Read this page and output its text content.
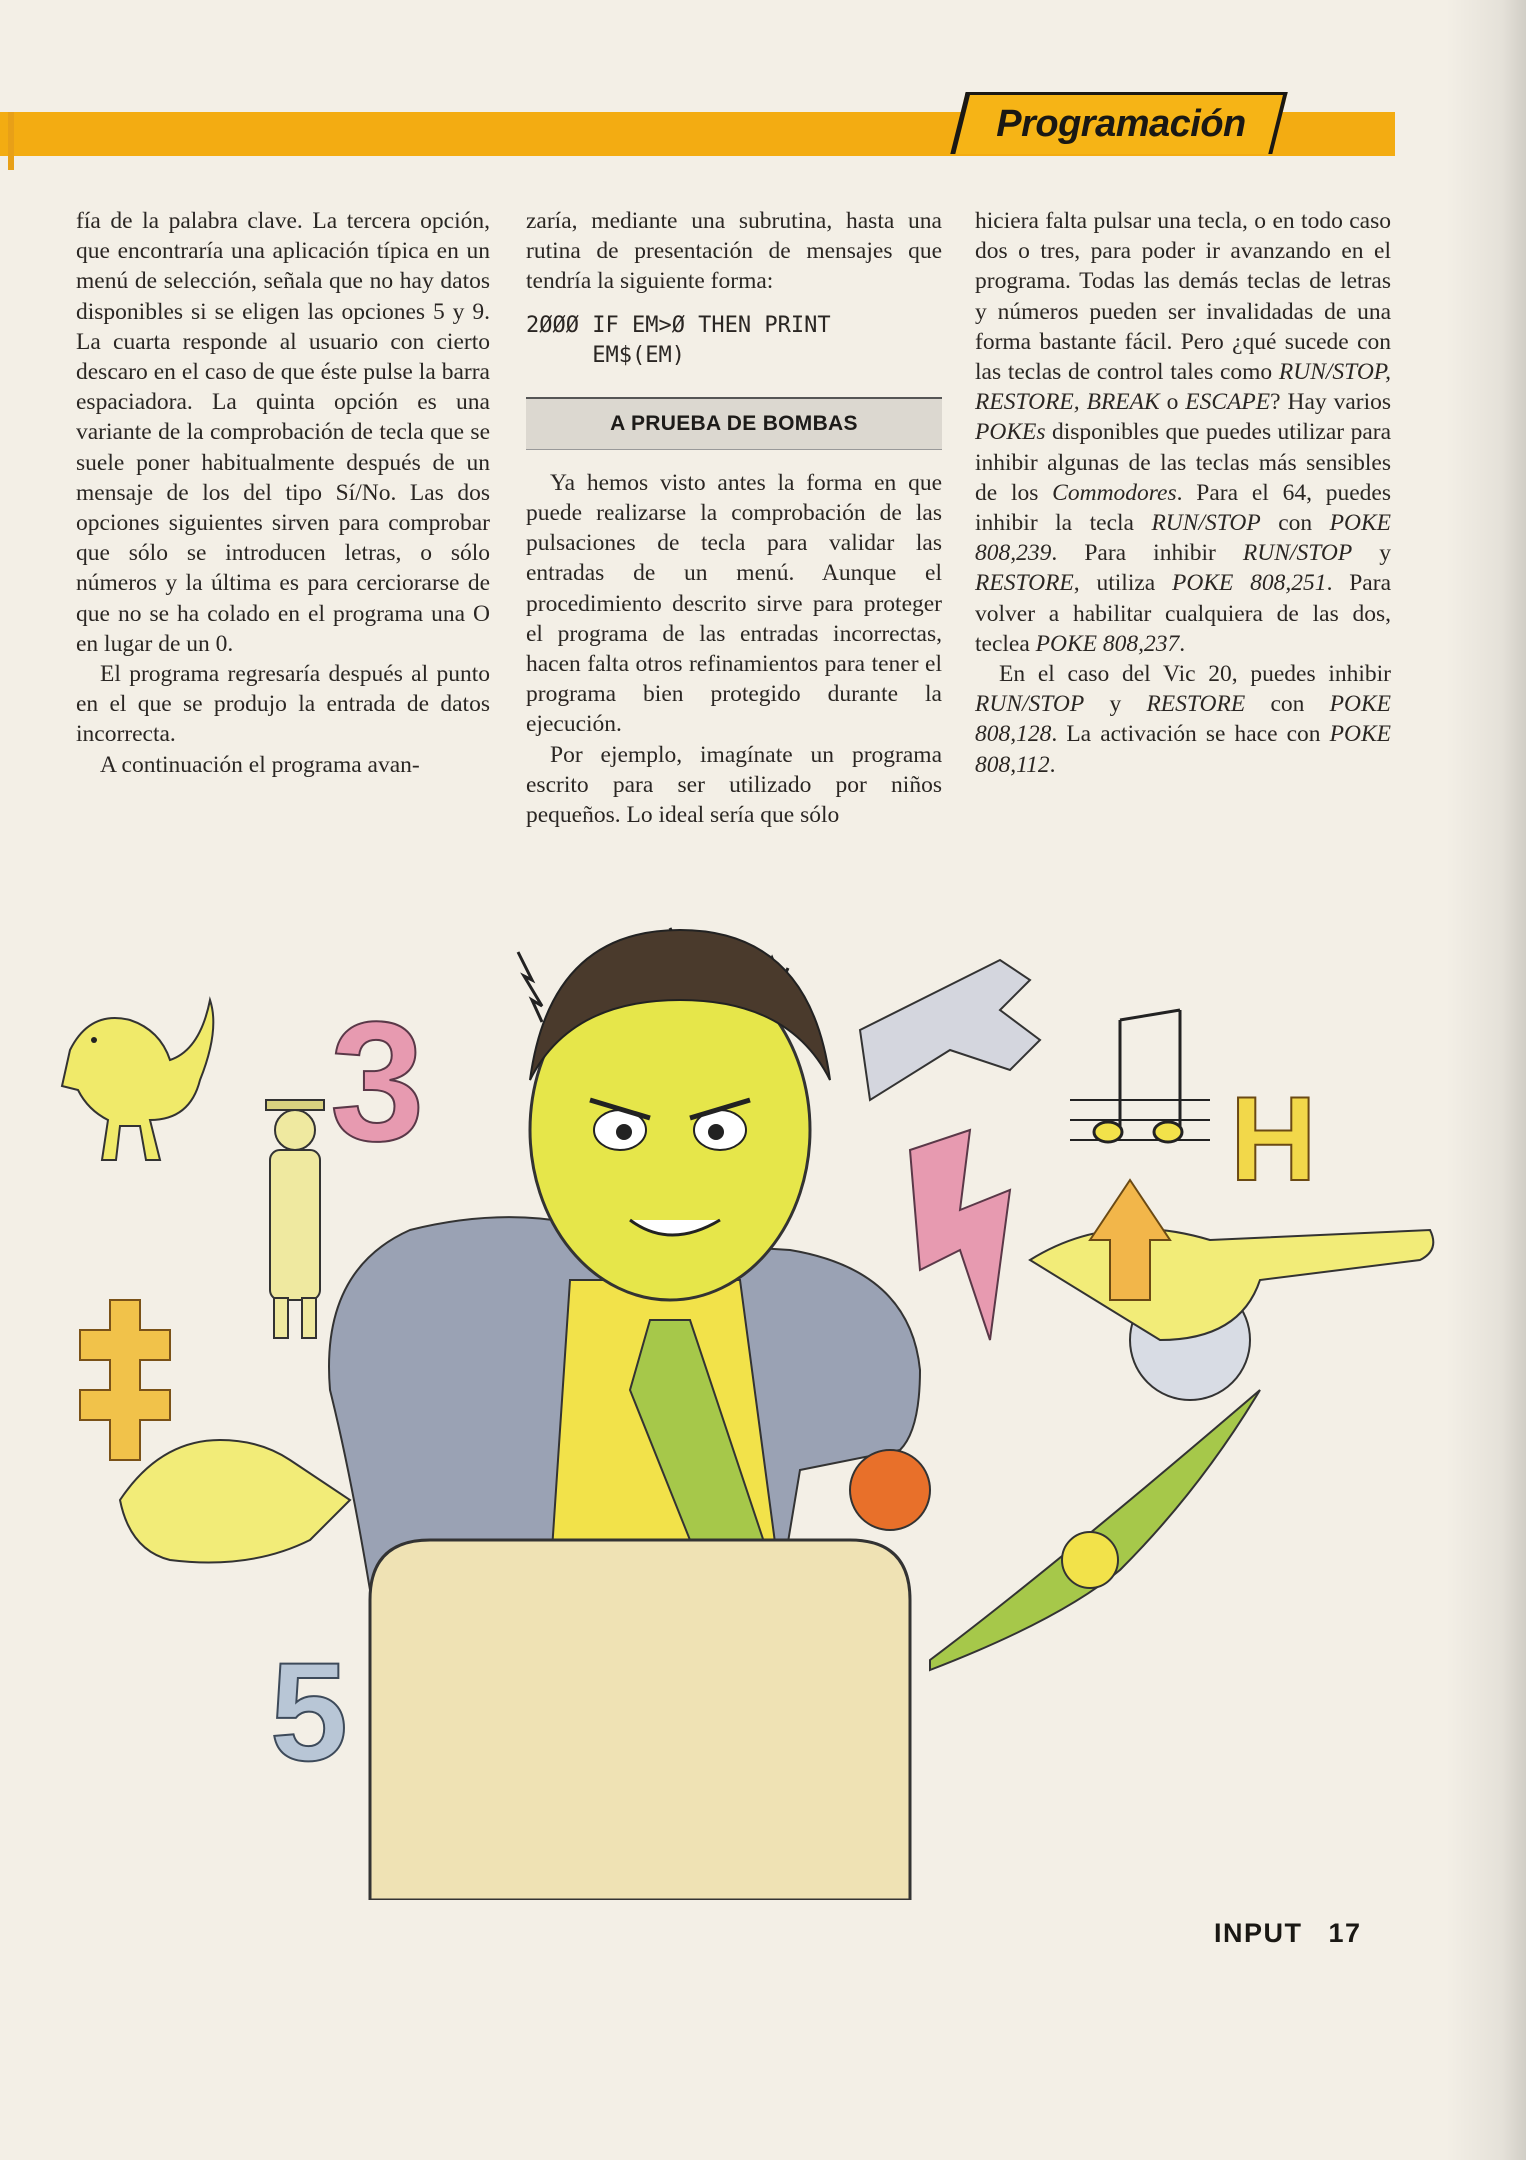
Programación

fía de la palabra clave. La tercera opción, que encontraría una aplicación típica en un menú de selección, señala que no hay datos disponibles si se eligen las opciones 5 y 9. La cuarta responde al usuario con cierto descaro en el caso de que éste pulse la barra espaciadora. La quinta opción es una variante de la comprobación de tecla que se suele poner habitualmente después de un mensaje de los del tipo Sí/No. Las dos opciones siguientes sirven para comprobar que sólo se introducen letras, o sólo números y la última es para cerciorarse de que no se ha colado en el programa una O en lugar de un 0.

El programa regresaría después al punto en el que se produjo la entrada de datos incorrecta.

A continuación el programa avan-

zaría, mediante una subrutina, hasta una rutina de presentación de mensajes que tendría la siguiente forma:

2ØØØ IF EM>Ø THEN PRINT
EM$(EM)
A PRUEBA DE BOMBAS

Ya hemos visto antes la forma en que puede realizarse la comprobación de las pulsaciones de tecla para validar las entradas de un menú. Aunque el procedimiento descrito sirve para proteger el programa de las entradas incorrectas, hacen falta otros refinamientos para tener el programa bien protegido durante la ejecución.

Por ejemplo, imagínate un programa escrito para ser utilizado por niños pequeños. Lo ideal sería que sólo

hiciera falta pulsar una tecla, o en todo caso dos o tres, para poder ir avanzando en el programa. Todas las demás teclas de letras y números pueden ser invalidadas de una forma bastante fácil. Pero ¿qué sucede con las teclas de control tales como RUN/STOP, RESTORE, BREAK o ESCAPE? Hay varios POKEs disponibles que puedes utilizar para inhibir algunas de las teclas más sensibles de los Commodores. Para el 64, puedes inhibir la tecla RUN/STOP con POKE 808,239. Para inhibir RUN/STOP y RESTORE, utiliza POKE 808,251. Para volver a habilitar cualquiera de las dos, teclea POKE 808,237.

En el caso del Vic 20, puedes inhibir RUN/STOP y RESTORE con POKE 808,128. La activación se hace con POKE 808,112.

3
5
H
INPUT 17
